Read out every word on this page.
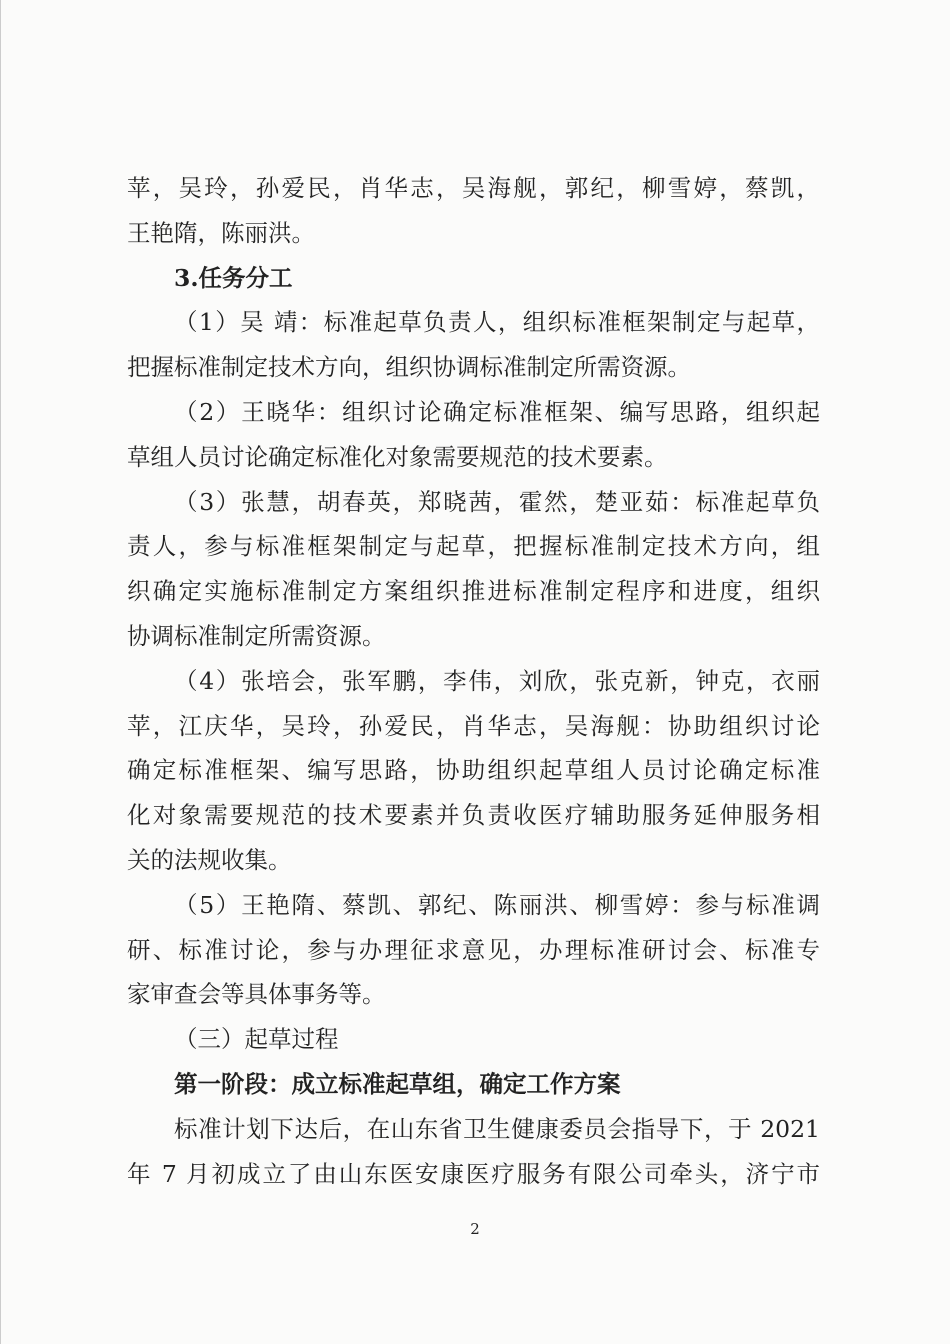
苹，吴玲，孙爱民，肖华志，吴海舰，郭纪，柳雪婷，蔡凯，
王艳隋，陈丽洪。
3.任务分工
（1）吴 靖：标准起草负责人，组织标准框架制定与起草，
把握标准制定技术方向，组织协调标准制定所需资源。
（2）王晓华：组织讨论确定标准框架、编写思路，组织起
草组人员讨论确定标准化对象需要规范的技术要素。
（3）张慧，胡春英，郑晓茜，霍然，楚亚茹：标准起草负
责人，参与标准框架制定与起草，把握标准制定技术方向，组
织确定实施标准制定方案组织推进标准制定程序和进度，组织
协调标准制定所需资源。
（4）张培会，张军鹏，李伟，刘欣，张克新，钟克，衣丽
苹，江庆华，吴玲，孙爱民，肖华志，吴海舰：协助组织讨论
确定标准框架、编写思路，协助组织起草组人员讨论确定标准
化对象需要规范的技术要素并负责收医疗辅助服务延伸服务相
关的法规收集。
（5）王艳隋、蔡凯、郭纪、陈丽洪、柳雪婷：参与标准调
研、标准讨论，参与办理征求意见，办理标准研讨会、标准专
家审查会等具体事务等。
（三）起草过程
第一阶段：成立标准起草组，确定工作方案
标准计划下达后，在山东省卫生健康委员会指导下，于 2021
年 7 月初成立了由山东医安康医疗服务有限公司牵头，济宁市
2
